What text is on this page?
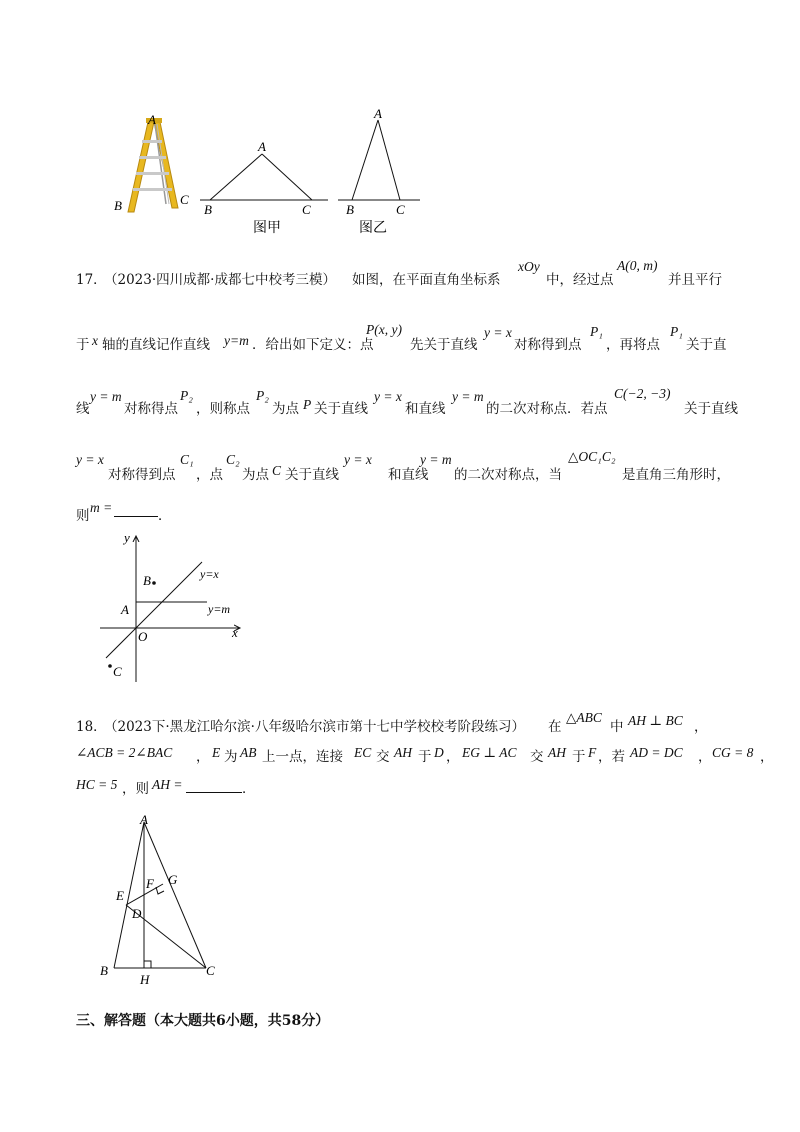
A
B	C
A
B	C
图甲
A
B	C
图乙
17．
（2023·四川成都·成都七中校考三模） 如图，在平面直角坐标系
xOy
中，经过点
A(0, m)
并且平行
于 x 轴的直线记作直线 y=m ．给出如下定义：点
P(x, y)
先关于直线
y = x
对称得到点
P₁
，再将点
P₁
关于直
线
y = m
对称得点
P₂
，则称点
P₂
为点 P 关于直线
y = x
和直线
y = m
的二次对称点．若点
C(−2, −3)
关于直线
y = x
对称得到点
C₁
，点
C₂
为点 C 关于直线
y = x
和直线
y = m
的二次对称点，当
△OC₁C₂
是直角三角形时，
则
m =
．
y
x
O
A
B
C
y=x
y=m
18．
（2023下·黑龙江哈尔滨·八年级哈尔滨市第十七中学校校考阶段练习） 在
△ABC
中 AH ⊥ BC ，
∠ACB = 2∠BAC ， E 为 AB 上一点，连接 EC 交 AH 于 D ， EG ⊥ AC 交 AH 于 F ，若 AD = DC ， CG = 8 ，
HC = 5 ，则 AH =	．
A
B	C
D
E
F G
H
三、解答题（本大题共6小题，共58分）
